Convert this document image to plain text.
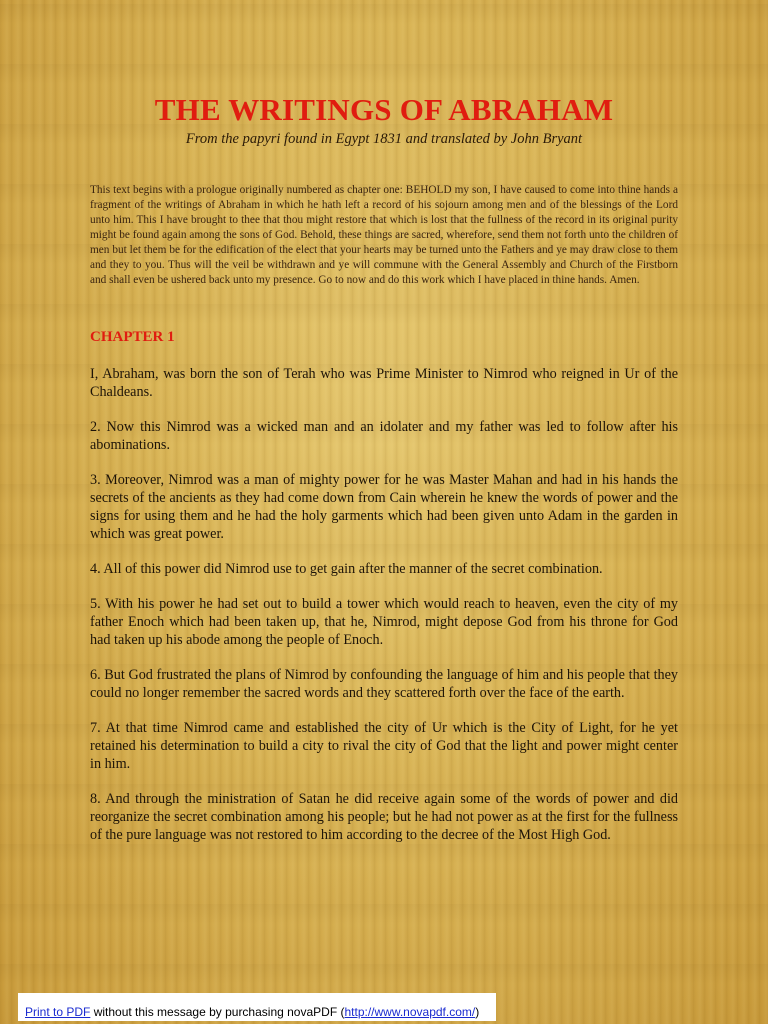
THE WRITINGS OF ABRAHAM
From the papyri found in Egypt 1831 and translated by John Bryant
This text begins with a prologue originally numbered as chapter one: BEHOLD my son, I have caused to come into thine hands a fragment of the writings of Abraham in which he hath left a record of his sojourn among men and of the blessings of the Lord unto him. This I have brought to thee that thou might restore that which is lost that the fullness of the record in its original purity might be found again among the sons of God. Behold, these things are sacred, wherefore, send them not forth unto the children of men but let them be for the edification of the elect that your hearts may be turned unto the Fathers and ye may draw close to them and they to you. Thus will the veil be withdrawn and ye will commune with the General Assembly and Church of the Firstborn and shall even be ushered back unto my presence. Go to now and do this work which I have placed in thine hands. Amen.
CHAPTER 1

I, Abraham, was born the son of Terah who was Prime Minister to Nimrod who reigned in Ur of the Chaldeans.

2. Now this Nimrod was a wicked man and an idolater and my father was led to follow after his abominations.

3. Moreover, Nimrod was a man of mighty power for he was Master Mahan and had in his hands the secrets of the ancients as they had come down from Cain wherein he knew the words of power and the signs for using them and he had the holy garments which had been given unto Adam in the garden in which was great power.

4. All of this power did Nimrod use to get gain after the manner of the secret combination.

5. With his power he had set out to build a tower which would reach to heaven, even the city of my father Enoch which had been taken up, that he, Nimrod, might depose God from his throne for God had taken up his abode among the people of Enoch.

6. But God frustrated the plans of Nimrod by confounding the language of him and his people that they could no longer remember the sacred words and they scattered forth over the face of the earth.

7. At that time Nimrod came and established the city of Ur which is the City of Light, for he yet retained his determination to build a city to rival the city of God that the light and power might center in him.

8. And through the ministration of Satan he did receive again some of the words of power and did reorganize the secret combination among his people; but he had not power as at the first for the fullness of the pure language was not restored to him according to the decree of the Most High God.

Print to PDF without this message by purchasing novaPDF (http://www.novapdf.com/)
